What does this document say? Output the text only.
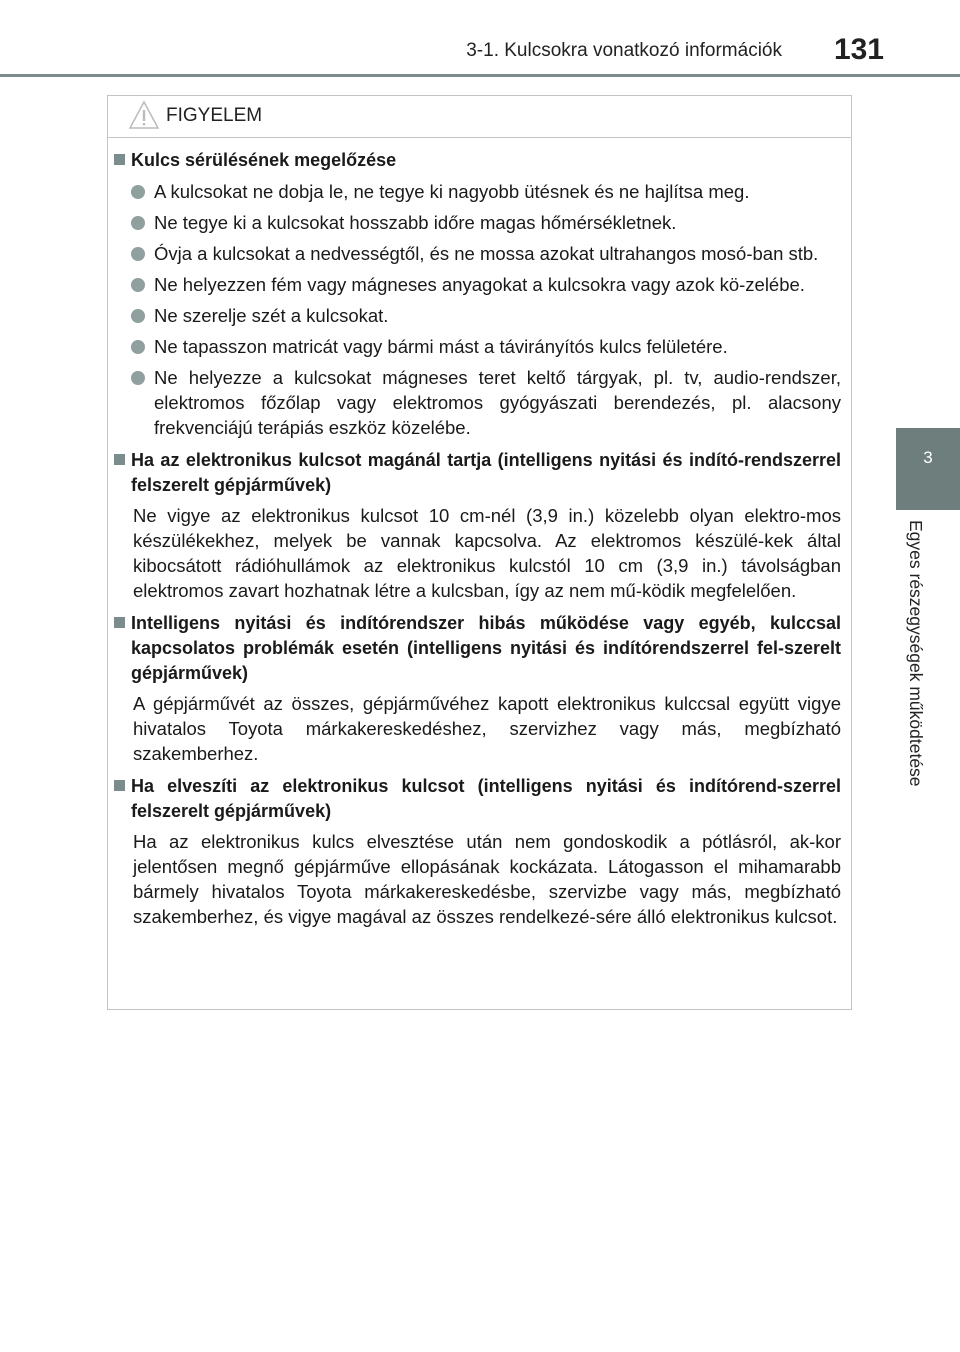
3-1. Kulcsokra vonatkozó információk 131
3
Egyes részegységek működtetése
FIGYELEM
Kulcs sérülésének megelőzése
A kulcsokat ne dobja le, ne tegye ki nagyobb ütésnek és ne hajlítsa meg.
Ne tegye ki a kulcsokat hosszabb időre magas hőmérsékletnek.
Óvja a kulcsokat a nedvességtől, és ne mossa azokat ultrahangos mosó-ban stb.
Ne helyezzen fém vagy mágneses anyagokat a kulcsokra vagy azok kö-zelébe.
Ne szerelje szét a kulcsokat.
Ne tapasszon matricát vagy bármi mást a távirányítós kulcs felületére.
Ne helyezze a kulcsokat mágneses teret keltő tárgyak, pl. tv, audio-rendszer, elektromos főzőlap vagy elektromos gyógyászati berendezés, pl. alacsony frekvenciájú terápiás eszköz közelébe.
Ha az elektronikus kulcsot magánál tartja (intelligens nyitási és indító-rendszerrel felszerelt gépjárművek)
Ne vigye az elektronikus kulcsot 10 cm-nél (3,9 in.) közelebb olyan elektro-mos készülékekhez, melyek be vannak kapcsolva. Az elektromos készülé-kek által kibocsátott rádióhullámok az elektronikus kulcstól 10 cm (3,9 in.) távolságban elektromos zavart hozhatnak létre a kulcsban, így az nem mű-ködik megfelelően.
Intelligens nyitási és indítórendszer hibás működése vagy egyéb, kulccsal kapcsolatos problémák esetén (intelligens nyitási és indítórendszerrel fel-szerelt gépjárművek)
A gépjárművét az összes, gépjárművéhez kapott elektronikus kulccsal együtt vigye hivatalos Toyota márkakereskedéshez, szervizhez vagy más, megbízható szakemberhez.
Ha elveszíti az elektronikus kulcsot (intelligens nyitási és indítórend-szerrel felszerelt gépjárművek)
Ha az elektronikus kulcs elvesztése után nem gondoskodik a pótlásról, ak-kor jelentősen megnő gépjárműve ellopásának kockázata. Látogasson el mihamarabb bármely hivatalos Toyota márkakereskedésbe, szervizbe vagy más, megbízható szakemberhez, és vigye magával az összes rendelkezé-sére álló elektronikus kulcsot.
